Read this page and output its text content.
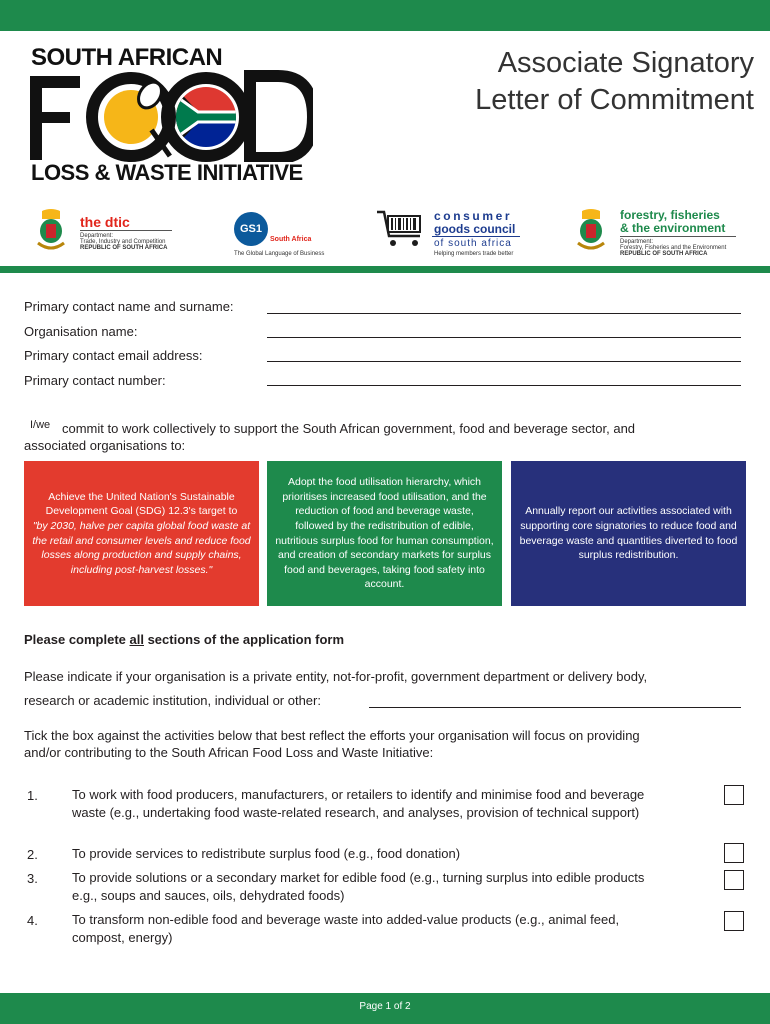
SOUTH AFRICAN
LOSS & WASTE INITIATIVE
Associate Signatory
Letter of Commitment
the dtic
Department:
Trade, Industry and Competition
REPUBLIC OF SOUTH AFRICA
GS1
South Africa
The Global Language of Business
consumer
goods council
of south africa
Helping members trade better
forestry, fisheries
& the environment
Department:
Forestry, Fisheries and the Environment
REPUBLIC OF SOUTH AFRICA
Primary contact name and surname:
Organisation name:
Primary contact email address:
Primary contact number:
I/we commit to work collectively to support the South African government, food and beverage sector, and
associated organisations to:
Achieve the United Nation's Sustainable Development Goal (SDG) 12.3's target to
"by 2030, halve per capita global food waste at the retail and consumer levels and reduce food losses along production and supply chains, including post-harvest losses."
Adopt the food utilisation hierarchy, which prioritises increased food utilisation, and the reduction of food and beverage waste, followed by the redistribution of edible, nutritious surplus food for human consumption, and creation of secondary markets for surplus food and beverages, taking food safety into account.
Annually report our activities associated with supporting core signatories to reduce food and beverage waste and quantities diverted to food surplus redistribution.
Please complete all sections of the application form
Please indicate if your organisation is a private entity, not-for-profit, government department or delivery body,
research or academic institution, individual or other:
Tick the box against the activities below that best reflect the efforts your organisation will focus on providing
and/or contributing to the South African Food Loss and Waste Initiative:
1.	To work with food producers, manufacturers, or retailers to identify and minimise food and beverage waste (e.g., undertaking food waste-related research, and analyses, provision of technical support)
2.	To provide services to redistribute surplus food (e.g., food donation)
3.	To provide solutions or a secondary market for edible food (e.g., turning surplus into edible products e.g., soups and sauces, oils, dehydrated foods)
4.	To transform non-edible food and beverage waste into added-value products (e.g., animal feed, compost, energy)
Page 1 of 2
